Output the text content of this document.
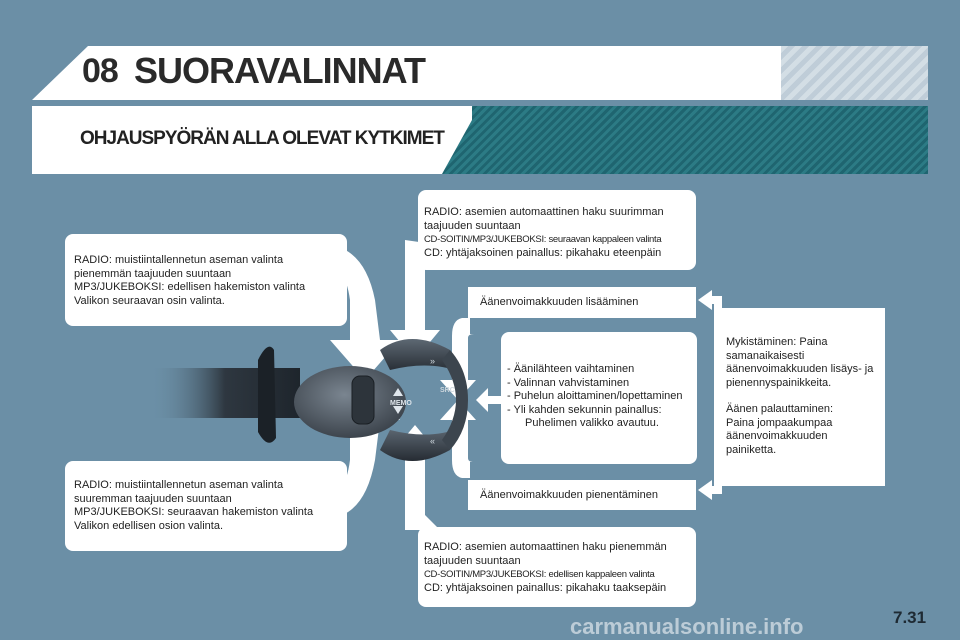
08 SUORAVALINNAT
OHJAUSPYÖRÄN ALLA OLEVAT KYTKIMET

RADIO: muistiintallennetun aseman valinta

pienemmän taajuuden suuntaan

MP3/JUKEBOKSI: edellisen hakemiston valinta

Valikon seuraavan osin valinta.

RADIO: muistiintallennetun aseman valinta

suuremman taajuuden suuntaan

MP3/JUKEBOKSI: seuraavan hakemiston valinta

Valikon edellisen osion valinta.

RADIO: asemien automaattinen haku suurimman

taajuuden suuntaan

CD-SOITIN/MP3/JUKEBOKSI: seuraavan kappaleen valinta

CD: yhtäjaksoinen painallus: pikahaku eteenpäin

RADIO: asemien automaattinen haku pienemmän

taajuuden suuntaan

CD-SOITIN/MP3/JUKEBOKSI: edellisen kappaleen valinta

CD: yhtäjaksoinen painallus: pikahaku taaksepäin

Äänenvoimakkuuden lisääminen
Äänenvoimakkuuden pienentäminen
- Äänilähteen vaihtaminen
- Valinnan vahvistaminen
- Puhelun aloittaminen/lopettaminen
- Yli kahden sekunnin painallus:
Puhelimen valikko avautuu.

Mykistäminen: Paina

samanaikaisesti

äänenvoimakkuuden lisäys- ja

pienennyspainikkeita.

Äänen palauttaminen:

Paina jompaakumpaa

äänenvoimakkuuden

painiketta.

MEMO
»
«
SRC
carmanualsonline.info	7.31
